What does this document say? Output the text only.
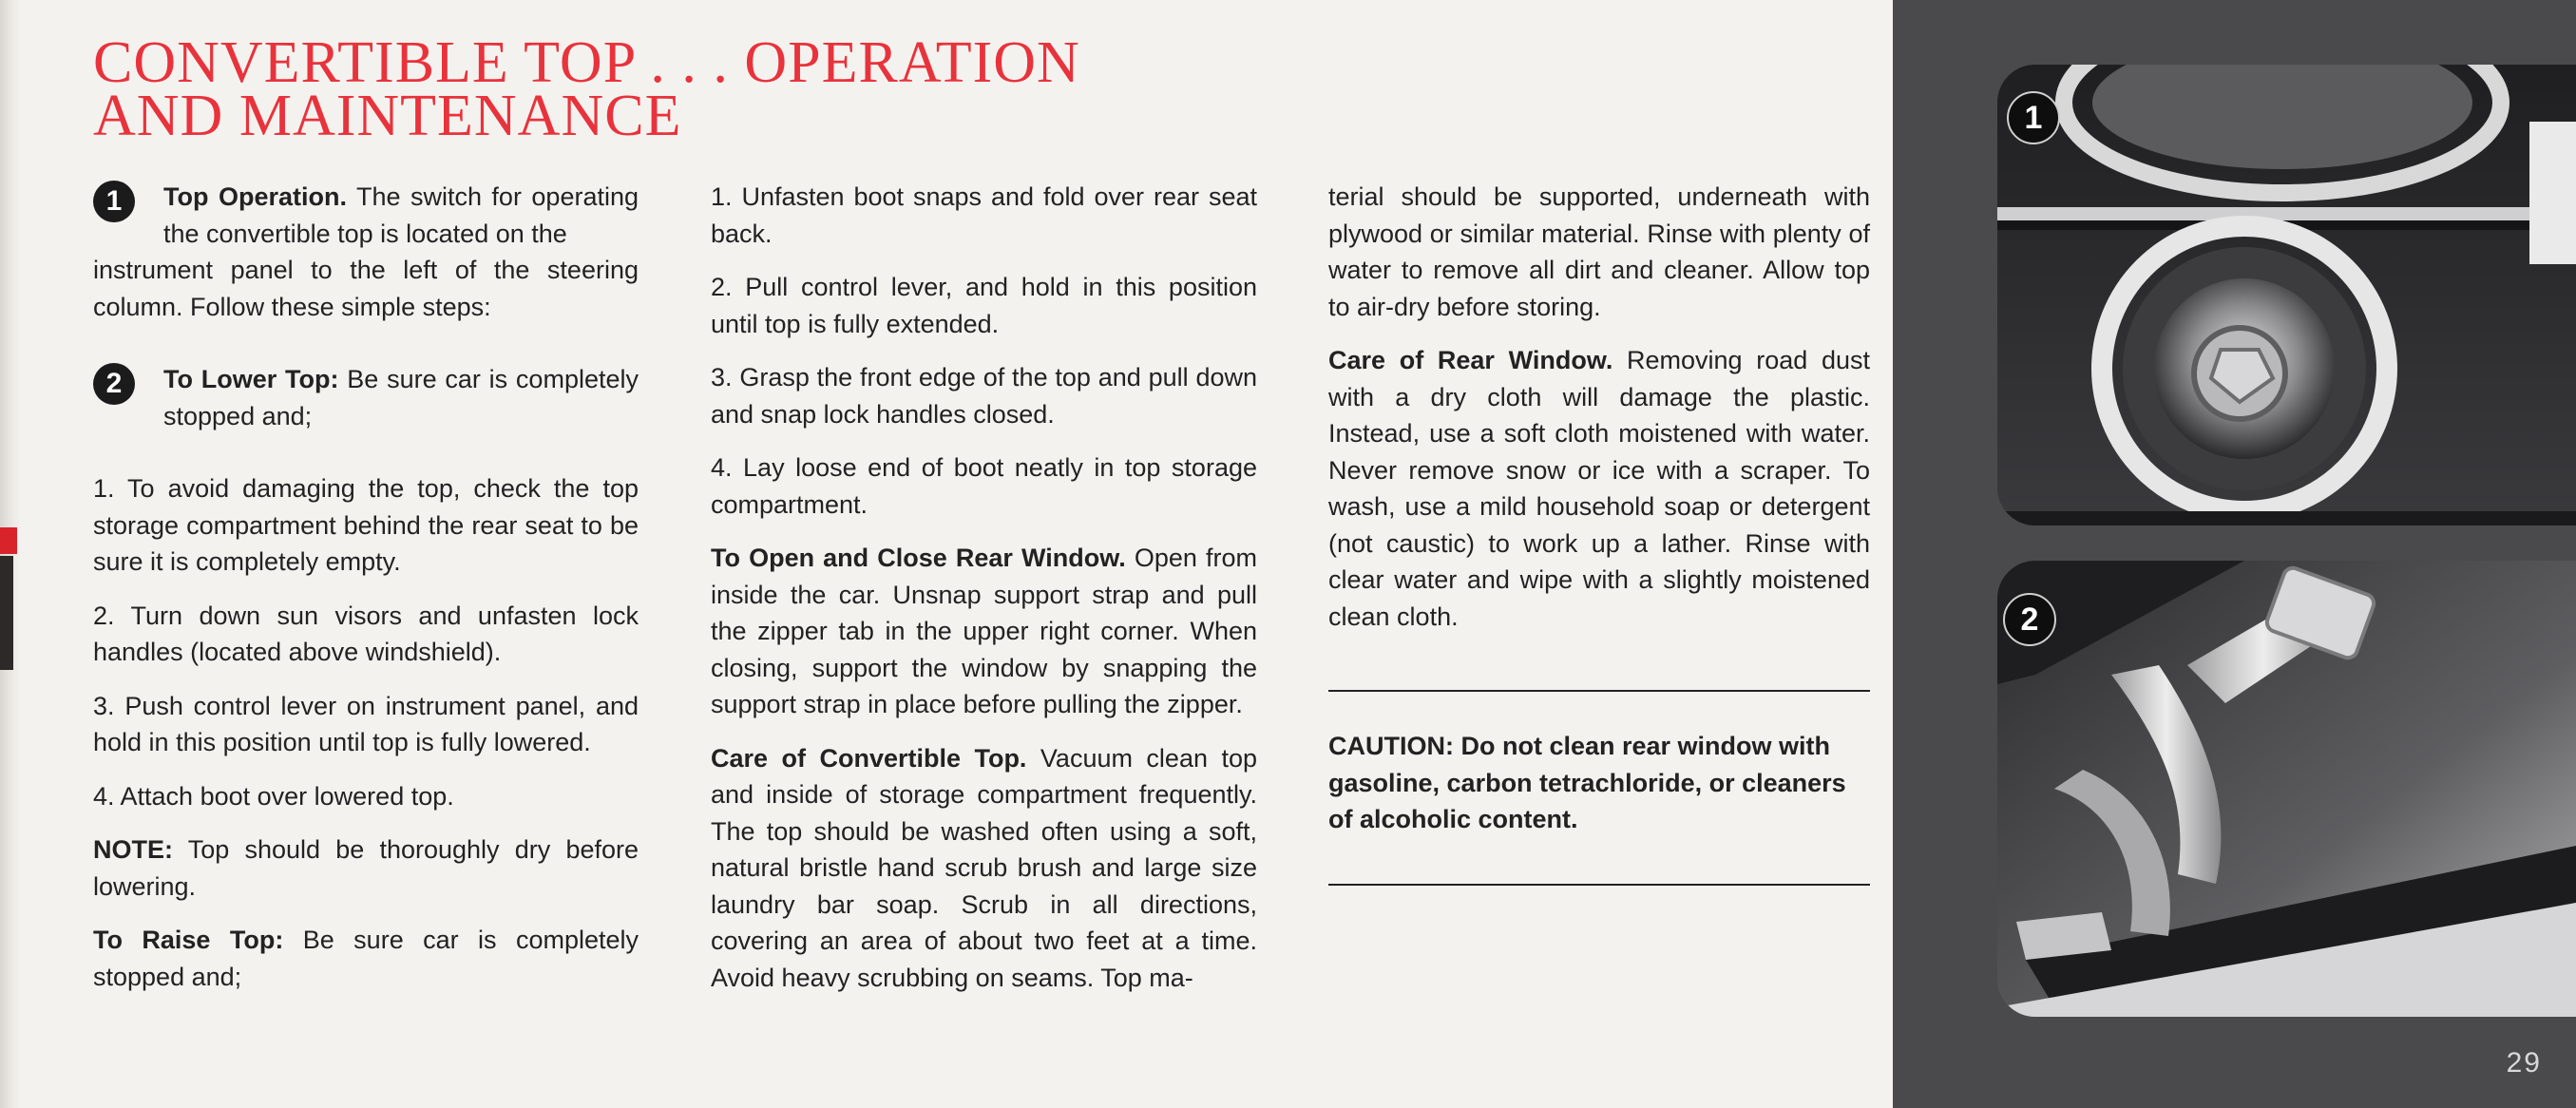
CONVERTIBLE TOP . . . OPERATION
AND MAINTENANCE

1	Top Operation. The switch for operating the convertible top is located on the
instrument panel to the left of the steering column. Follow these simple steps:

2	To Lower Top: Be sure car is completely stopped and;

1. To avoid damaging the top, check the top storage compartment behind the rear seat to be sure it is completely empty.

2. Turn down sun visors and unfasten lock handles (located above windshield).

3. Push control lever on instrument panel, and hold in this position until top is fully lowered.

4. Attach boot over lowered top.

NOTE: Top should be thoroughly dry before lowering.

To Raise Top: Be sure car is completely stopped and;

1. Unfasten boot snaps and fold over rear seat back.

2. Pull control lever, and hold in this position until top is fully extended.

3. Grasp the front edge of the top and pull down and snap lock handles closed.

4. Lay loose end of boot neatly in top storage compartment.

To Open and Close Rear Window. Open from inside the car. Unsnap support strap and pull the zipper tab in the upper right corner. When closing, support the window by snapping the support strap in place before pulling the zipper.

Care of Convertible Top. Vacuum clean top and inside of storage compartment frequently. The top should be washed often using a soft, natural bristle hand scrub brush and large size laundry bar soap. Scrub in all directions, covering an area of about two feet at a time. Avoid heavy scrubbing on seams. Top ma-

terial should be supported, underneath with plywood or similar material. Rinse with plenty of water to remove all dirt and cleaner. Allow top to air-dry before storing.

Care of Rear Window. Removing road dust with a dry cloth will damage the plastic. Instead, use a soft cloth moistened with water. Never remove snow or ice with a scraper. To wash, use a mild household soap or detergent (not caustic) to work up a lather. Rinse with clear water and wipe with a slightly moistened clean cloth.

CAUTION: Do not clean rear window with gasoline, carbon tetrachloride, or cleaners of alcoholic content.

1
2
29
